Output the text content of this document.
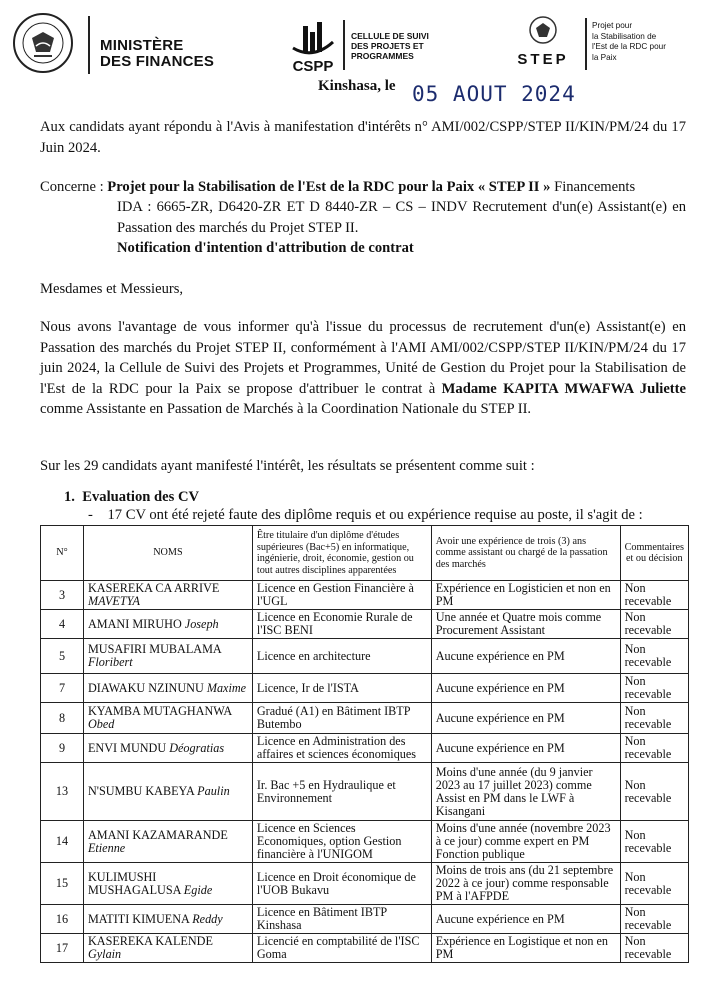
MINISTÈRE
DES FINANCES	CSPP
CELLULE DE SUIVI
DES PROJETS ET
PROGRAMMES	STEP
Projet pour
la Stabilisation de
l'Est de la RDC pour
la Paix
Kinshasa, le 05 AOUT 2024
Aux candidats ayant répondu à l'Avis à manifestation d'intérêts n° AMI/002/CSPP/STEP II/KIN/PM/24 du 17 Juin 2024.
Concerne : Projet pour la Stabilisation de l'Est de la RDC pour la Paix « STEP II » Financements
IDA : 6665-ZR, D6420-ZR ET D 8440-ZR – CS – INDV Recrutement d'un(e) Assistant(e) en Passation des marchés du Projet STEP II.
Notification d'intention d'attribution de contrat
Mesdames et Messieurs,
Nous avons l'avantage de vous informer qu'à l'issue du processus de recrutement d'un(e) Assistant(e) en Passation des marchés du Projet STEP II, conformément à l'AMI AMI/002/CSPP/STEP II/KIN/PM/24 du 17 juin 2024, la Cellule de Suivi des Projets et Programmes, Unité de Gestion du Projet pour la Stabilisation de l'Est de la RDC pour la Paix se propose d'attribuer le contrat à Madame KAPITA MWAFWA Juliette comme Assistante en Passation de Marchés à la Coordination Nationale du STEP II.
Sur les 29 candidats ayant manifesté l'intérêt, les résultats se présentent comme suit :
1. Evaluation des CV
- 17 CV ont été rejeté faute des diplôme requis et ou expérience requise au poste, il s'agit de :
N°	NOMS	Être titulaire d'un diplôme d'études supérieures (Bac+5) en informatique, ingénierie, droit, économie, gestion ou tout autres disciplines apparentées	Avoir une expérience de trois (3) ans comme assistant ou chargé de la passation des marchés	Commentaires et ou décision
3	KASEREKA CA ARRIVE MAVETYA	Licence en Gestion Financière à l'UGL	Expérience en Logisticien et non en PM	Non recevable
4	AMANI MIRUHO Joseph	Licence en Economie Rurale de l'ISC BENI	Une année et Quatre mois comme Procurement Assistant	Non recevable
5	MUSAFIRI MUBALAMA Floribert	Licence en architecture	Aucune expérience en PM	Non recevable
7	DIAWAKU NZINUNU Maxime	Licence, Ir de l'ISTA	Aucune expérience en PM	Non recevable
8	KYAMBA MUTAGHANWA Obed	Gradué (A1) en Bâtiment IBTP Butembo	Aucune expérience en PM	Non recevable
9	ENVI MUNDU Déogratias	Licence en Administration des affaires et sciences économiques	Aucune expérience en PM	Non recevable
13	N'SUMBU KABEYA Paulin	Ir. Bac +5 en Hydraulique et Environnement	Moins d'une année (du 9 janvier 2023 au 17 juillet 2023) comme Assist en PM dans le LWF à Kisangani	Non recevable
14	AMANI KAZAMARANDE Etienne	Licence en Sciences Economiques, option Gestion financière à l'UNIGOM	Moins d'une année (novembre 2023 à ce jour) comme expert en PM Fonction publique	Non recevable
15	KULIMUSHI MUSHAGALUSA Egide	Licence en Droit économique de l'UOB Bukavu	Moins de trois ans (du 21 septembre 2022 à ce jour) comme responsable PM à l'AFPDE	Non recevable
16	MATITI KIMUENA Reddy	Licence en Bâtiment IBTP Kinshasa	Aucune expérience en PM	Non recevable
17	KASEREKA KALENDE Gylain	Licencié en comptabilité de l'ISC Goma	Expérience en Logistique et non en PM	Non recevable
